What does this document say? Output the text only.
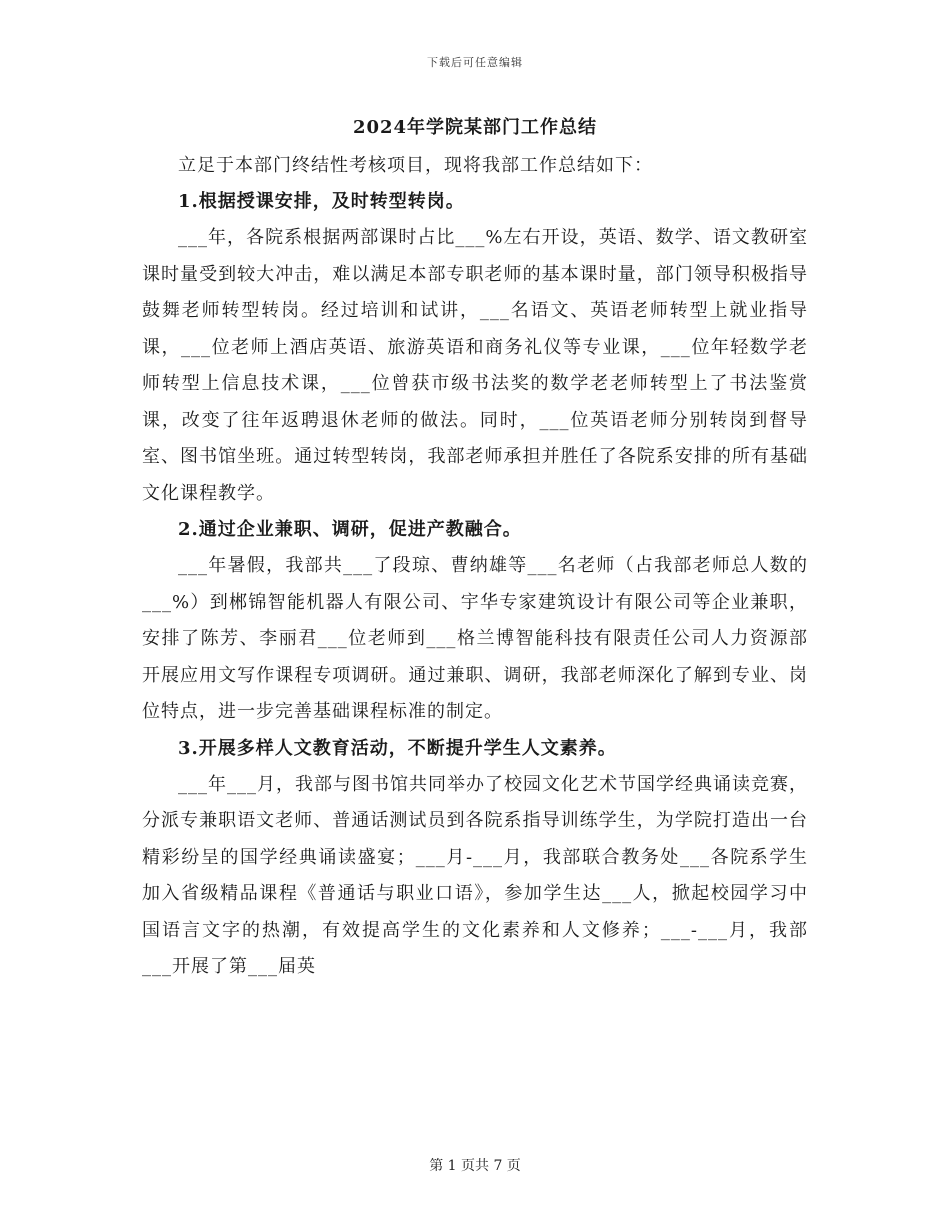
下载后可任意编辑
2024年学院某部门工作总结

立足于本部门终结性考核项目，现将我部工作总结如下：

1.根据授课安排，及时转型转岗。

___年，各院系根据两部课时占比___%左右开设，英语、数学、语文教研室课时量受到较大冲击，难以满足本部专职老师的基本课时量，部门领导积极指导鼓舞老师转型转岗。经过培训和试讲，___名语文、英语老师转型上就业指导课，___位老师上酒店英语、旅游英语和商务礼仪等专业课，___位年轻数学老师转型上信息技术课，___位曾获市级书法奖的数学老老师转型上了书法鉴赏课，改变了往年返聘退休老师的做法。同时，___位英语老师分别转岗到督导室、图书馆坐班。通过转型转岗，我部老师承担并胜任了各院系安排的所有基础文化课程教学。

2.通过企业兼职、调研，促进产教融合。

___年暑假，我部共___了段琼、曹纳雄等___名老师（占我部老师总人数的___%）到郴锦智能机器人有限公司、宇华专家建筑设计有限公司等企业兼职，安排了陈芳、李丽君___位老师到___格兰博智能科技有限责任公司人力资源部开展应用文写作课程专项调研。通过兼职、调研，我部老师深化了解到专业、岗位特点，进一步完善基础课程标准的制定。

3.开展多样人文教育活动，不断提升学生人文素养。

___年___月，我部与图书馆共同举办了校园文化艺术节国学经典诵读竞赛，分派专兼职语文老师、普通话测试员到各院系指导训练学生，为学院打造出一台精彩纷呈的国学经典诵读盛宴；___月-___月，我部联合教务处___各院系学生加入省级精品课程《普通话与职业口语》，参加学生达___人，掀起校园学习中国语言文字的热潮，有效提高学生的文化素养和人文修养；___-___月，我部___开展了第___届英

第 1 页共 7 页
